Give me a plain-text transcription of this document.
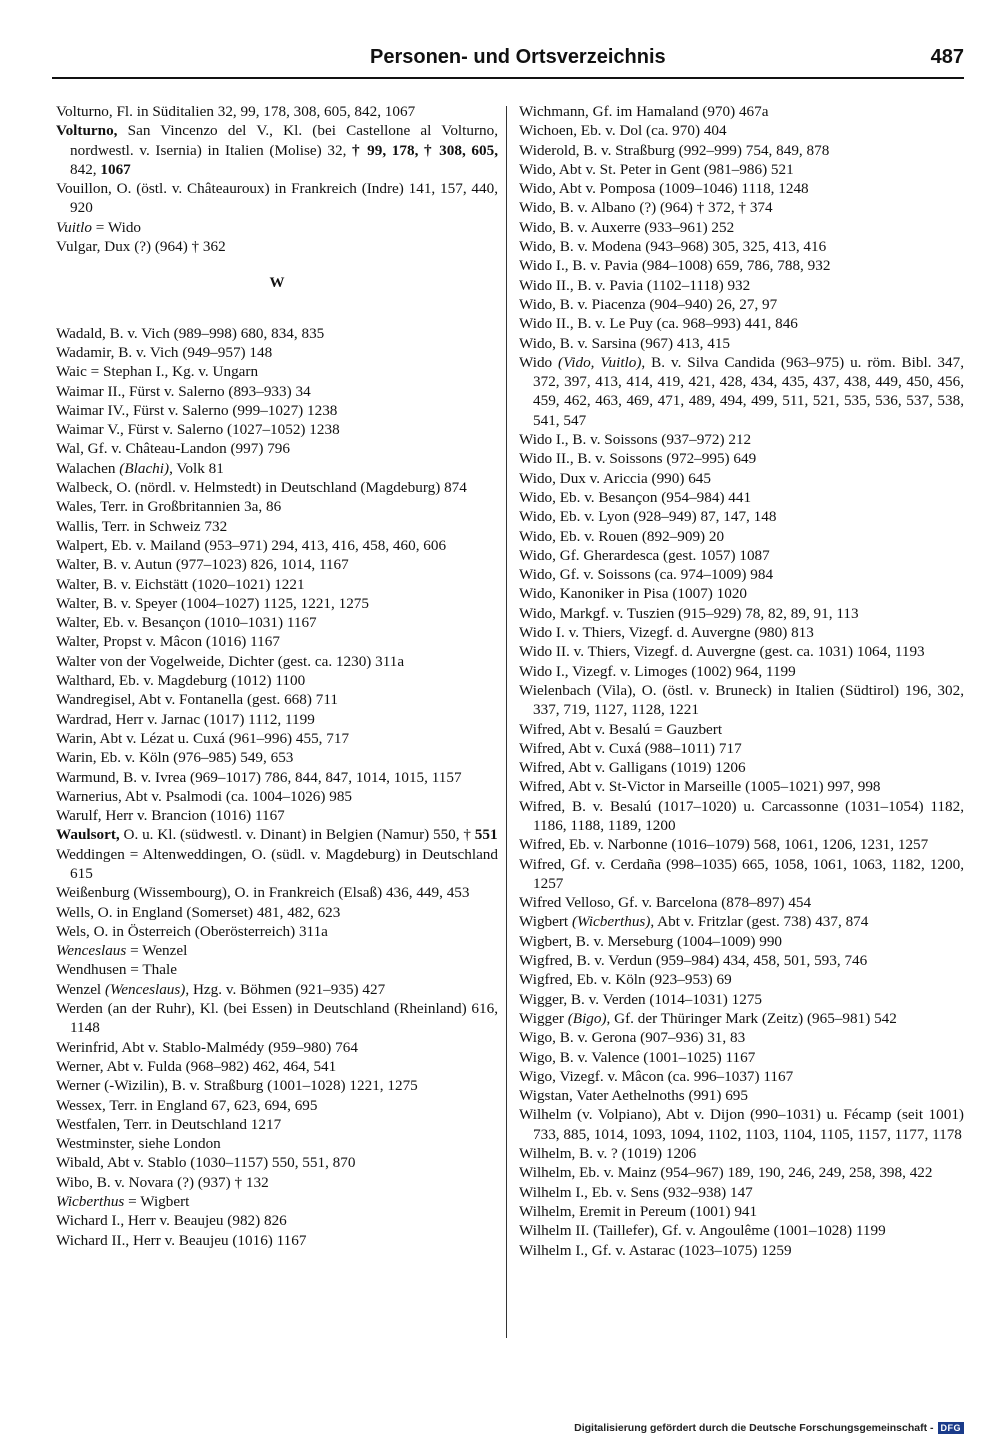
Personen- und Ortsverzeichnis	487

Volturno, Fl. in Süditalien 32, 99, 178, 308, 605, 842, 1067

Volturno, San Vincenzo del V., Kl. (bei Castellone al Volturno, nordwestl. v. Isernia) in Italien (Molise) 32, † 99, 178, † 308, 605, 842, 1067

Vouillon, O. (östl. v. Châteauroux) in Frankreich (Indre) 141, 157, 440, 920

Vuitlo = Wido

Vulgar, Dux (?) (964) † 362

W

Wadald, B. v. Vich (989–998) 680, 834, 835

Wadamir, B. v. Vich (949–957) 148

Waic = Stephan I., Kg. v. Ungarn

Waimar II., Fürst v. Salerno (893–933) 34

Waimar IV., Fürst v. Salerno (999–1027) 1238

Waimar V., Fürst v. Salerno (1027–1052) 1238

Wal, Gf. v. Château-Landon (997) 796

Walachen (Blachi), Volk 81

Walbeck, O. (nördl. v. Helmstedt) in Deutschland (Magdeburg) 874

Wales, Terr. in Großbritannien 3a, 86

Wallis, Terr. in Schweiz 732

Walpert, Eb. v. Mailand (953–971) 294, 413, 416, 458, 460, 606

Walter, B. v. Autun (977–1023) 826, 1014, 1167

Walter, B. v. Eichstätt (1020–1021) 1221

Walter, B. v. Speyer (1004–1027) 1125, 1221, 1275

Walter, Eb. v. Besançon (1010–1031) 1167

Walter, Propst v. Mâcon (1016) 1167

Walter von der Vogelweide, Dichter (gest. ca. 1230) 311a

Walthard, Eb. v. Magdeburg (1012) 1100

Wandregisel, Abt v. Fontanella (gest. 668) 711

Wardrad, Herr v. Jarnac (1017) 1112, 1199

Warin, Abt v. Lézat u. Cuxá (961–996) 455, 717

Warin, Eb. v. Köln (976–985) 549, 653

Warmund, B. v. Ivrea (969–1017) 786, 844, 847, 1014, 1015, 1157

Warnerius, Abt v. Psalmodi (ca. 1004–1026) 985

Warulf, Herr v. Brancion (1016) 1167

Waulsort, O. u. Kl. (südwestl. v. Dinant) in Belgien (Namur) 550, † 551

Weddingen = Altenweddingen, O. (südl. v. Magdeburg) in Deutschland 615

Weißenburg (Wissembourg), O. in Frankreich (Elsaß) 436, 449, 453

Wells, O. in England (Somerset) 481, 482, 623

Wels, O. in Österreich (Oberösterreich) 311a

Wenceslaus = Wenzel

Wendhusen = Thale

Wenzel (Wenceslaus), Hzg. v. Böhmen (921–935) 427

Werden (an der Ruhr), Kl. (bei Essen) in Deutschland (Rheinland) 616, 1148

Werinfrid, Abt v. Stablo-Malmédy (959–980) 764

Werner, Abt v. Fulda (968–982) 462, 464, 541

Werner (-Wizilin), B. v. Straßburg (1001–1028) 1221, 1275

Wessex, Terr. in England 67, 623, 694, 695

Westfalen, Terr. in Deutschland 1217

Westminster, siehe London

Wibald, Abt v. Stablo (1030–1157) 550, 551, 870

Wibo, B. v. Novara (?) (937) † 132

Wicberthus = Wigbert

Wichard I., Herr v. Beaujeu (982) 826

Wichard II., Herr v. Beaujeu (1016) 1167

Wichmann, Gf. im Hamaland (970) 467a

Wichoen, Eb. v. Dol (ca. 970) 404

Widerold, B. v. Straßburg (992–999) 754, 849, 878

Wido, Abt v. St. Peter in Gent (981–986) 521

Wido, Abt v. Pomposa (1009–1046) 1118, 1248

Wido, B. v. Albano (?) (964) † 372, † 374

Wido, B. v. Auxerre (933–961) 252

Wido, B. v. Modena (943–968) 305, 325, 413, 416

Wido I., B. v. Pavia (984–1008) 659, 786, 788, 932

Wido II., B. v. Pavia (1102–1118) 932

Wido, B. v. Piacenza (904–940) 26, 27, 97

Wido II., B. v. Le Puy (ca. 968–993) 441, 846

Wido, B. v. Sarsina (967) 413, 415

Wido (Vido, Vuitlo), B. v. Silva Candida (963–975) u. röm. Bibl. 347, 372, 397, 413, 414, 419, 421, 428, 434, 435, 437, 438, 449, 450, 456, 459, 462, 463, 469, 471, 489, 494, 499, 511, 521, 535, 536, 537, 538, 541, 547

Wido I., B. v. Soissons (937–972) 212

Wido II., B. v. Soissons (972–995) 649

Wido, Dux v. Ariccia (990) 645

Wido, Eb. v. Besançon (954–984) 441

Wido, Eb. v. Lyon (928–949) 87, 147, 148

Wido, Eb. v. Rouen (892–909) 20

Wido, Gf. Gherardesca (gest. 1057) 1087

Wido, Gf. v. Soissons (ca. 974–1009) 984

Wido, Kanoniker in Pisa (1007) 1020

Wido, Markgf. v. Tuszien (915–929) 78, 82, 89, 91, 113

Wido I. v. Thiers, Vizegf. d. Auvergne (980) 813

Wido II. v. Thiers, Vizegf. d. Auvergne (gest. ca. 1031) 1064, 1193

Wido I., Vizegf. v. Limoges (1002) 964, 1199

Wielenbach (Vila), O. (östl. v. Bruneck) in Italien (Südtirol) 196, 302, 337, 719, 1127, 1128, 1221

Wifred, Abt v. Besalú = Gauzbert

Wifred, Abt v. Cuxá (988–1011) 717

Wifred, Abt v. Galligans (1019) 1206

Wifred, Abt v. St-Victor in Marseille (1005–1021) 997, 998

Wifred, B. v. Besalú (1017–1020) u. Carcassonne (1031–1054) 1182, 1186, 1188, 1189, 1200

Wifred, Eb. v. Narbonne (1016–1079) 568, 1061, 1206, 1231, 1257

Wifred, Gf. v. Cerdaña (998–1035) 665, 1058, 1061, 1063, 1182, 1200, 1257

Wifred Velloso, Gf. v. Barcelona (878–897) 454

Wigbert (Wicberthus), Abt v. Fritzlar (gest. 738) 437, 874

Wigbert, B. v. Merseburg (1004–1009) 990

Wigfred, B. v. Verdun (959–984) 434, 458, 501, 593, 746

Wigfred, Eb. v. Köln (923–953) 69

Wigger, B. v. Verden (1014–1031) 1275

Wigger (Bigo), Gf. der Thüringer Mark (Zeitz) (965–981) 542

Wigo, B. v. Gerona (907–936) 31, 83

Wigo, B. v. Valence (1001–1025) 1167

Wigo, Vizegf. v. Mâcon (ca. 996–1037) 1167

Wigstan, Vater Aethelnoths (991) 695

Wilhelm (v. Volpiano), Abt v. Dijon (990–1031) u. Fécamp (seit 1001) 733, 885, 1014, 1093, 1094, 1102, 1103, 1104, 1105, 1157, 1177, 1178

Wilhelm, B. v. ? (1019) 1206

Wilhelm, Eb. v. Mainz (954–967) 189, 190, 246, 249, 258, 398, 422

Wilhelm I., Eb. v. Sens (932–938) 147

Wilhelm, Eremit in Pereum (1001) 941

Wilhelm II. (Taillefer), Gf. v. Angoulême (1001–1028) 1199

Wilhelm I., Gf. v. Astarac (1023–1075) 1259

Digitalisierung gefördert durch die Deutsche Forschungsgemeinschaft - DFG
